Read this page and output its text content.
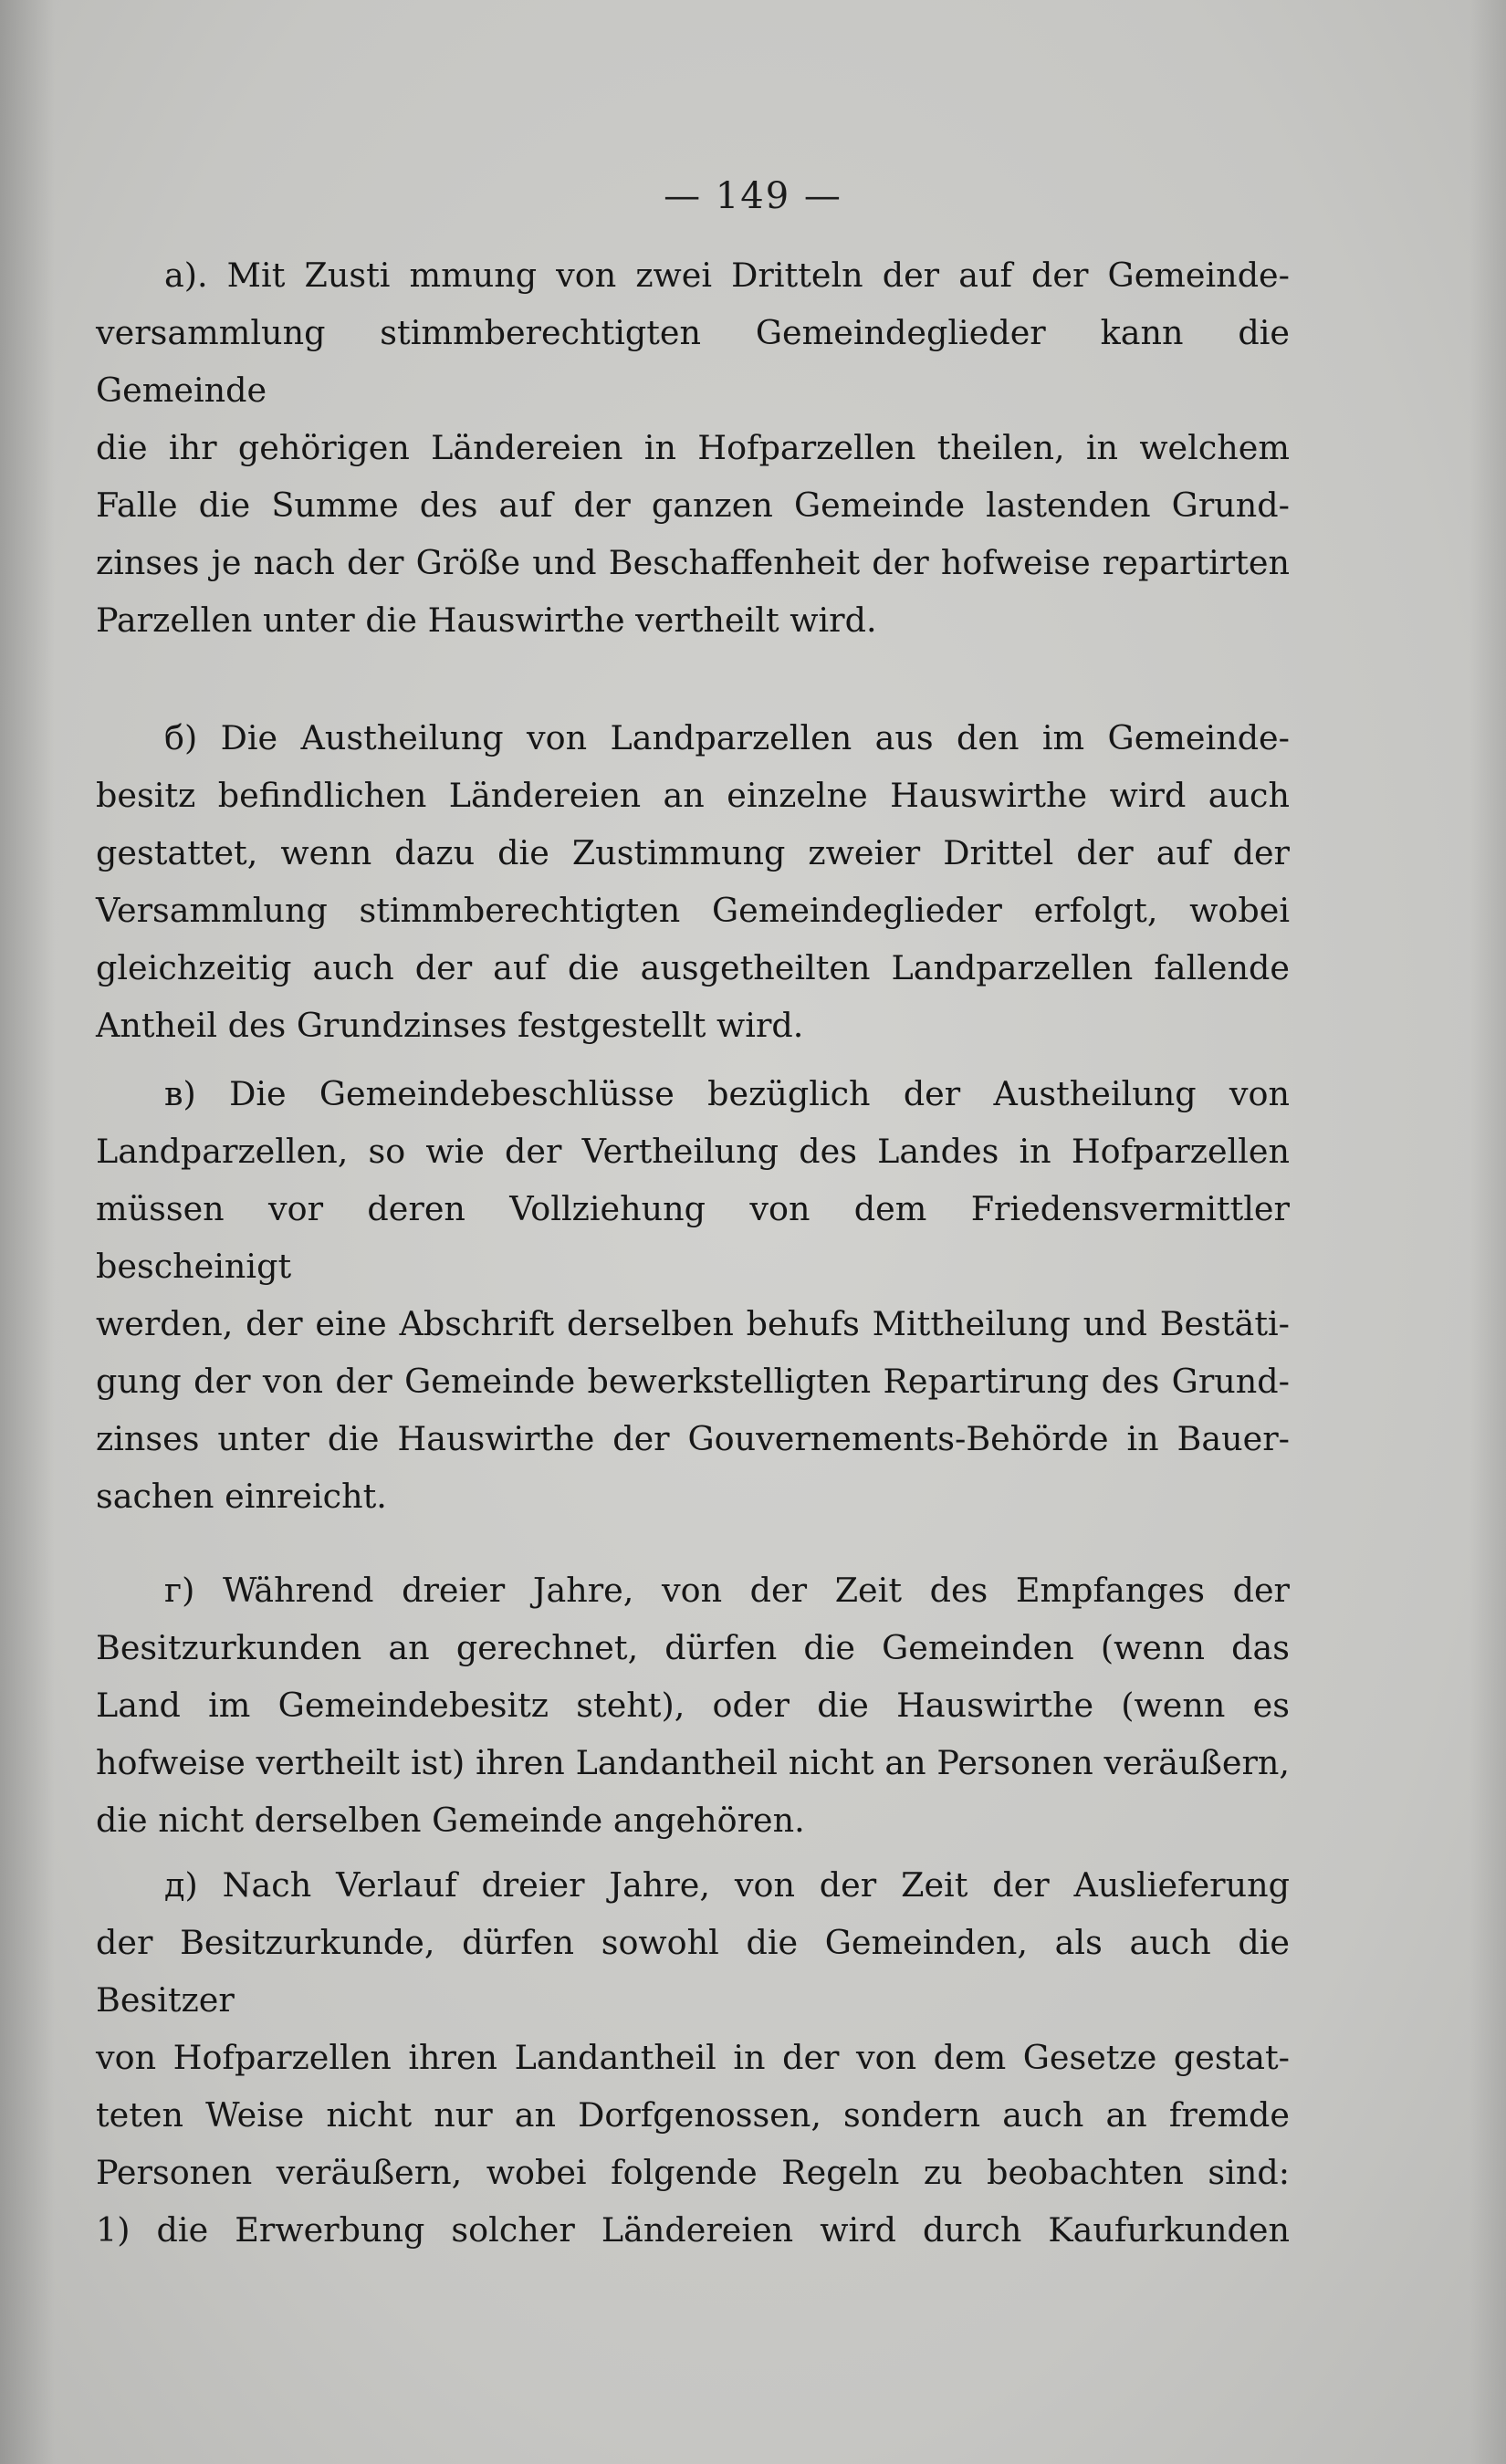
— 149 —
a). Mit Zusti mmung von zwei Dritteln der auf der Gemeinde-
versammlung stimmberechtigten Gemeindeglieder kann die Gemeinde
die ihr gehörigen Ländereien in Hofparzellen theilen, in welchem
Falle die Summe des auf der ganzen Gemeinde lastenden Grund-
zinses je nach der Größe und Beschaffenheit der hofweise repartirten
Parzellen unter die Hauswirthe vertheilt wird.
б) Die Austheilung von Landparzellen aus den im Gemeinde-
besitz befindlichen Ländereien an einzelne Hauswirthe wird auch
gestattet, wenn dazu die Zustimmung zweier Drittel der auf der
Versammlung stimmberechtigten Gemeindeglieder erfolgt, wobei
gleichzeitig auch der auf die ausgetheilten Landparzellen fallende
Antheil des Grundzinses festgestellt wird.
в) Die Gemeindebeschlüsse bezüglich der Austheilung von
Landparzellen, so wie der Vertheilung des Landes in Hofparzellen
müssen vor deren Vollziehung von dem Friedensvermittler bescheinigt
werden, der eine Abschrift derselben behufs Mittheilung und Bestäti-
gung der von der Gemeinde bewerkstelligten Repartirung des Grund-
zinses unter die Hauswirthe der Gouvernements-Behörde in Bauer-
sachen einreicht.
г) Während dreier Jahre, von der Zeit des Empfanges der
Besitzurkunden an gerechnet, dürfen die Gemeinden (wenn das
Land im Gemeindebesitz steht), oder die Hauswirthe (wenn es
hofweise vertheilt ist) ihren Landantheil nicht an Personen veräußern,
die nicht derselben Gemeinde angehören.
д) Nach Verlauf dreier Jahre, von der Zeit der Auslieferung
der Besitzurkunde, dürfen sowohl die Gemeinden, als auch die Besitzer
von Hofparzellen ihren Landantheil in der von dem Gesetze gestat-
teten Weise nicht nur an Dorfgenossen, sondern auch an fremde
Personen veräußern, wobei folgende Regeln zu beobachten sind:
1) die Erwerbung solcher Ländereien wird durch Kaufurkunden
